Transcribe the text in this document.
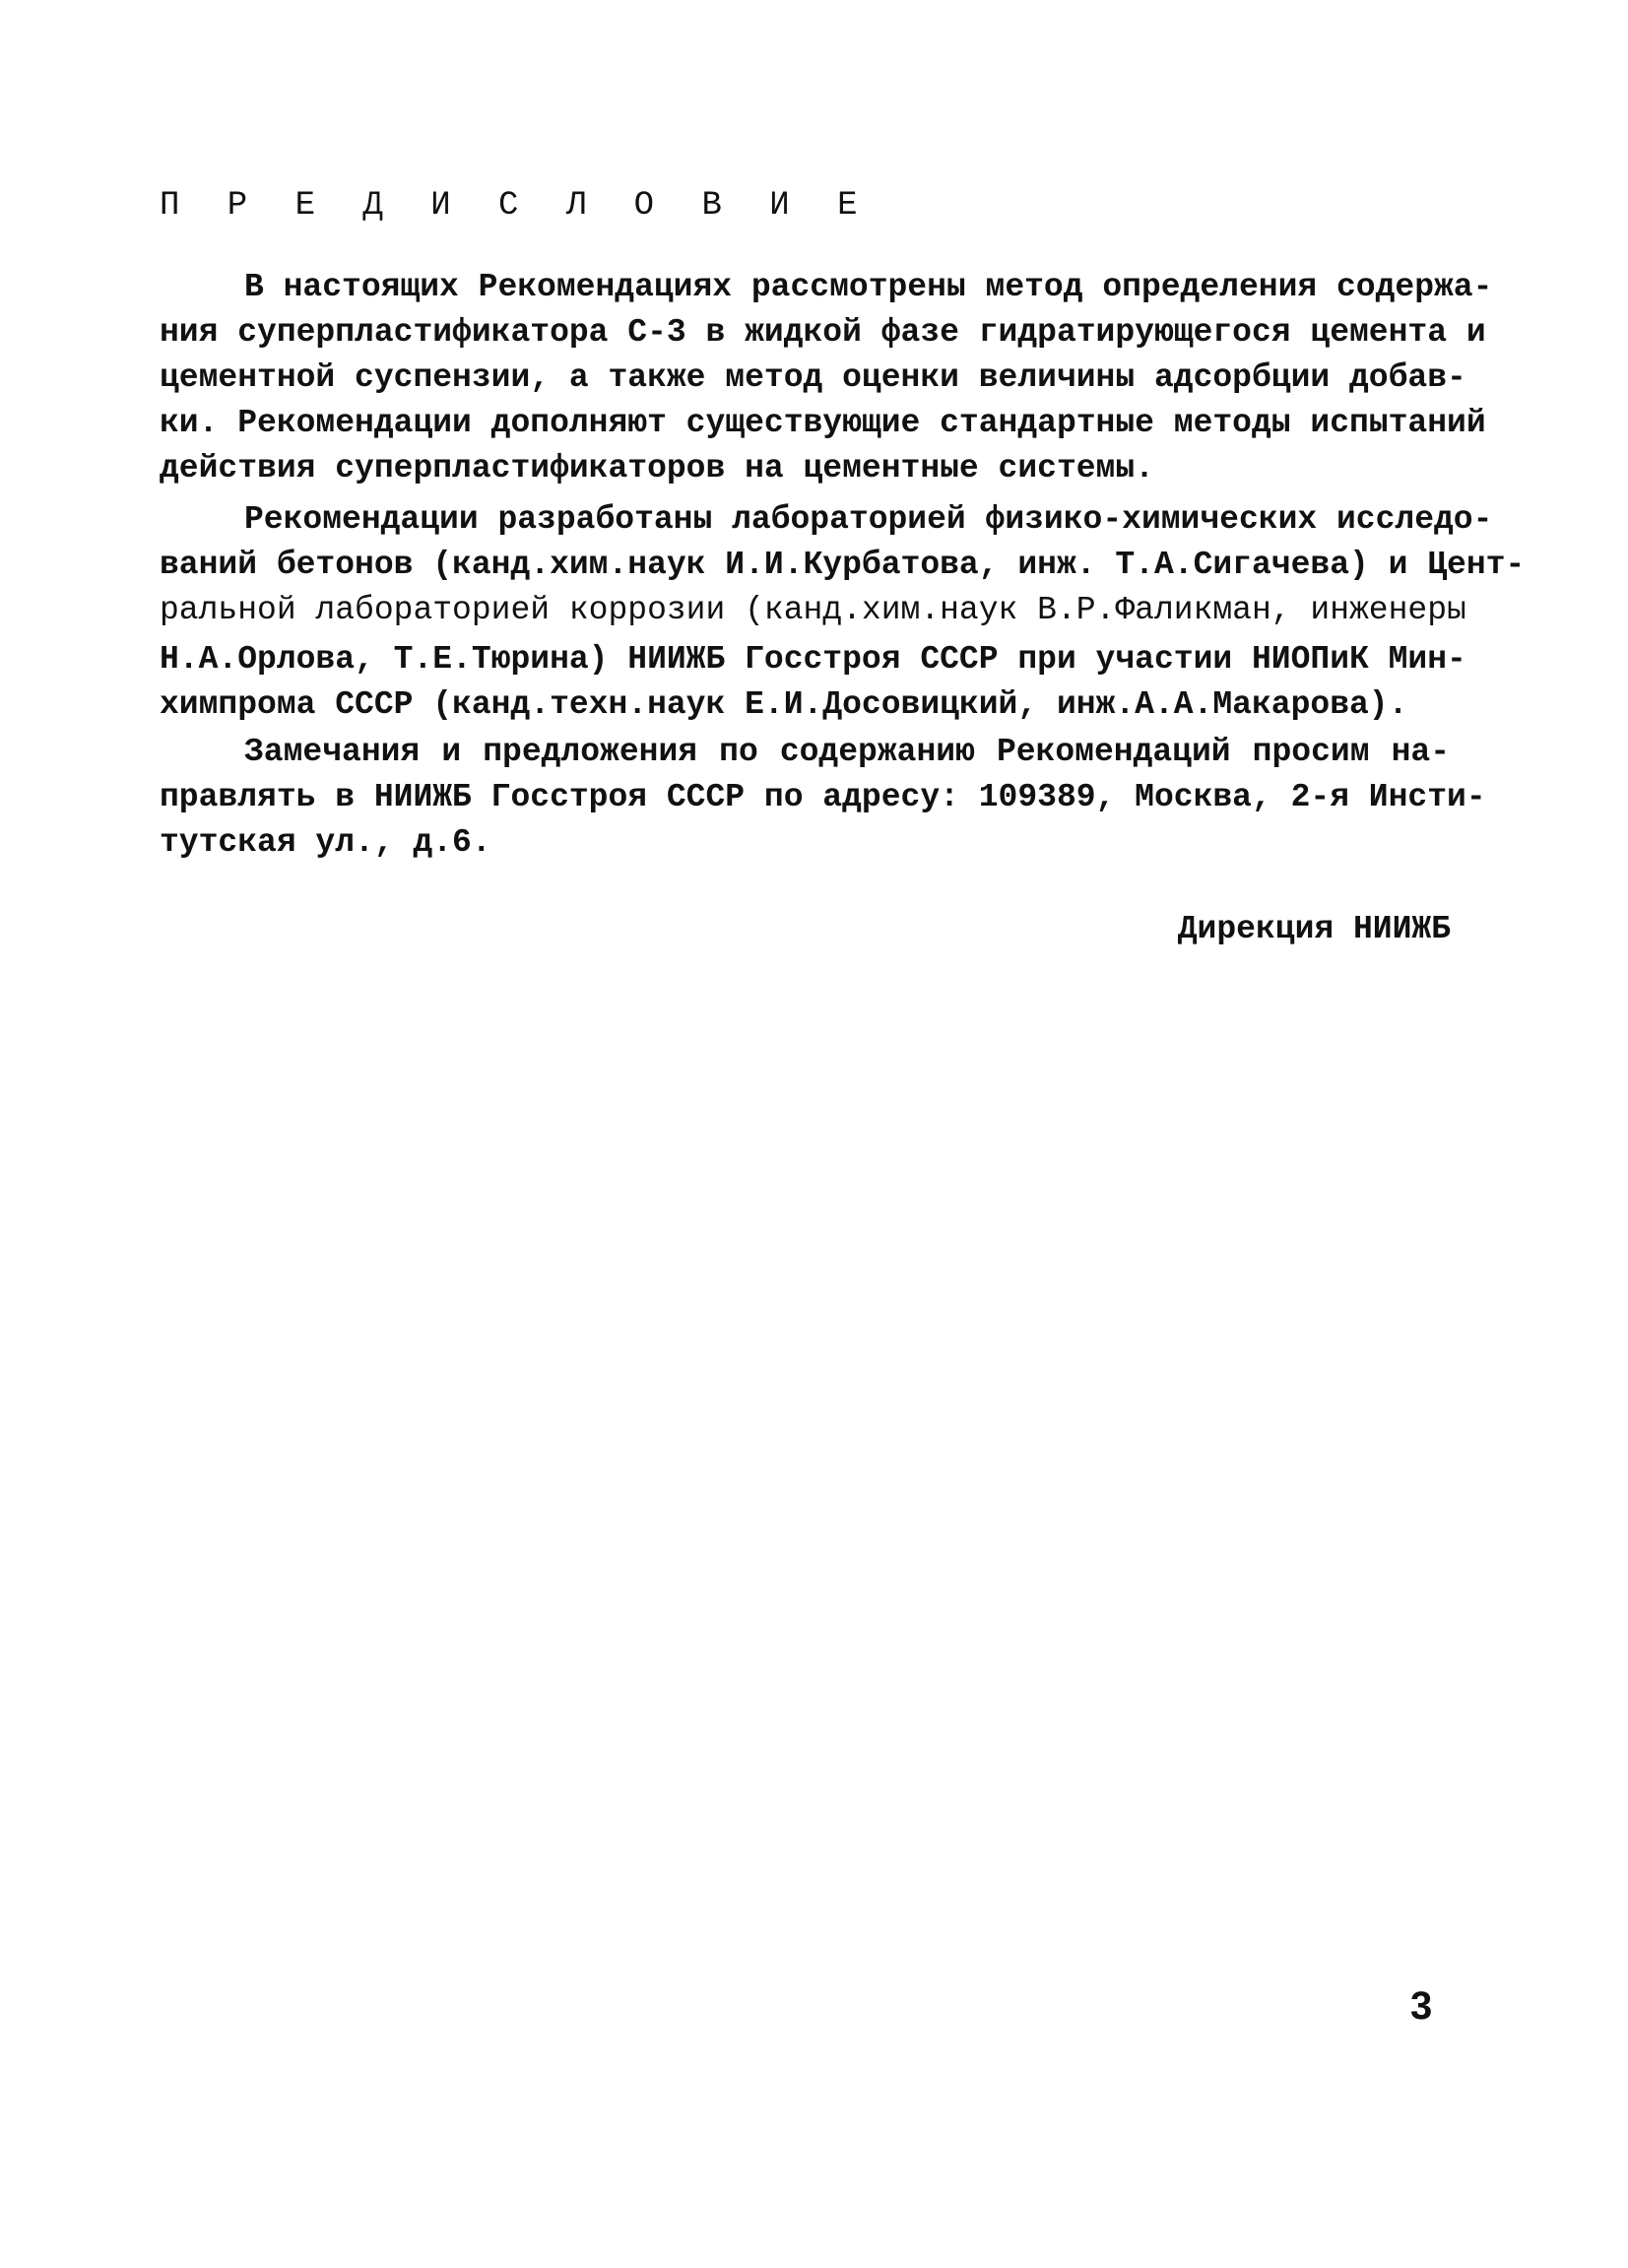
П Р Е Д И С Л О В И Е
В настоящих Рекомендациях рассмотрены метод определения содержа-
ния суперпластификатора С-3 в жидкой фазе гидратирующегося цемента и
цементной суспензии, а также метод оценки величины адсорбции добав-
ки. Рекомендации дополняют существующие стандартные методы испытаний
действия суперпластификаторов на цементные системы.
Рекомендации разработаны лабораторией физико-химических исследо-
ваний бетонов (канд.хим.наук И.И.Курбатова, инж. Т.А.Сигачева) и Цент-
ральной лабораторией коррозии (канд.хим.наук В.Р.Фаликман, инженеры
Н.А.Орлова, Т.Е.Тюрина) НИИЖБ Госстроя СССР при участии НИОПиК Мин-
химпрома СССР (канд.техн.наук Е.И.Досовицкий, инж.А.А.Макарова).
Замечания и предложения по содержанию Рекомендаций просим на-
правлять в НИИЖБ Госстроя СССР по адресу: 109389, Москва, 2-я Инсти-
тутская ул., д.6.
Дирекция НИИЖБ
3
